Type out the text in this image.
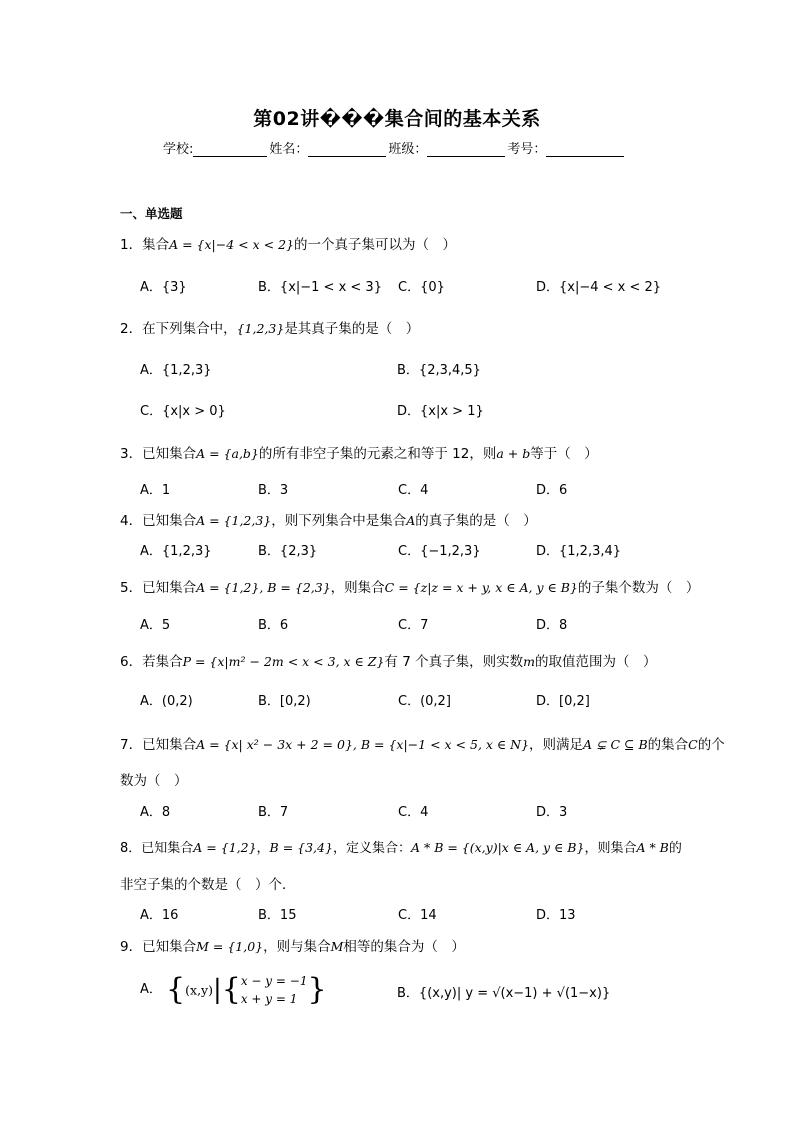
第02讲���集合间的基本关系
学校:	姓名：	班级：	考号：
一、单选题
1．集合A = {x|−4 < x < 2}的一个真子集可以为（　）
A．{3}	B．{x|−1 < x < 3} C．{0}	D．{x|−4 < x < 2}
2．在下列集合中，{1,2,3}是其真子集的是（　）
A．{1,2,3}	B．{2,3,4,5}
C．{x|x > 0}	D．{x|x > 1}
3．已知集合A = {a,b}的所有非空子集的元素之和等于 12，则a + b等于（　）
A．1	B．3	C．4	D．6
4．已知集合A = {1,2,3}，则下列集合中是集合A的真子集的是（　）
A．{1,2,3}	B．{2,3}	C．{−1,2,3}	D．{1,2,3,4}
5．已知集合A = {1,2}, B = {2,3}，则集合C = {z|z = x + y, x ∈ A, y ∈ B}的子集个数为（　）
A．5	B．6	C．7	D．8
6．若集合P = {x|m² − 2m < x < 3, x ∈ Z}有 7 个真子集，则实数m的取值范围为（　）
A．(0,2)	B．[0,2)	C．(0,2]	D．[0,2]
7．已知集合A = {x| x² − 3x + 2 = 0}, B = {x|−1 < x < 5, x ∈ N}，则满足A ⊊ C ⊆ B的集合C的个
数为（　）
A．8	B．7	C．4	D．3
8．已知集合A = {1,2}，B = {3,4}，定义集合：A * B = {(x,y)|x ∈ A, y ∈ B}，则集合A * B的
非空子集的个数是（　）个．
A．16	B．15	C．14	D．13
9．已知集合M = {1,0}，则与集合M相等的集合为（　）
A． {(x,y)|{ x − y = −1
x + y = 1 }	B．{(x,y)| y = √(x−1) + √(1−x)}
